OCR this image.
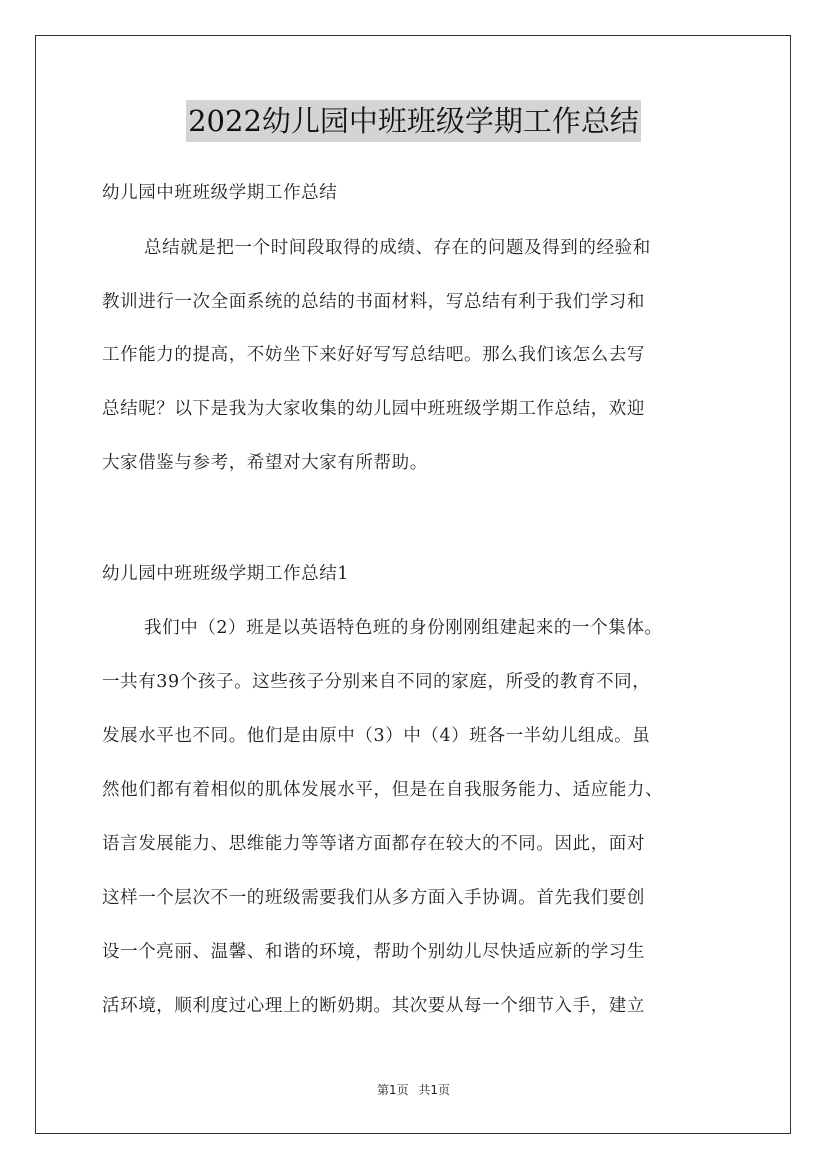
2022幼儿园中班班级学期工作总结
幼儿园中班班级学期工作总结
总结就是把一个时间段取得的成绩、存在的问题及得到的经验和
教训进行一次全面系统的总结的书面材料，写总结有利于我们学习和
工作能力的提高，不妨坐下来好好写写总结吧。那么我们该怎么去写
总结呢？以下是我为大家收集的幼儿园中班班级学期工作总结，欢迎
大家借鉴与参考，希望对大家有所帮助。
幼儿园中班班级学期工作总结1
我们中（2）班是以英语特色班的身份刚刚组建起来的一个集体。
一共有39个孩子。这些孩子分别来自不同的家庭，所受的教育不同，
发展水平也不同。他们是由原中（3）中（4）班各一半幼儿组成。虽
然他们都有着相似的肌体发展水平，但是在自我服务能力、适应能力、
语言发展能力、思维能力等等诸方面都存在较大的不同。因此，面对
这样一个层次不一的班级需要我们从多方面入手协调。首先我们要创
设一个亮丽、温馨、和谐的环境，帮助个别幼儿尽快适应新的学习生
活环境，顺利度过心理上的断奶期。其次要从每一个细节入手，建立
第1页 共1页
